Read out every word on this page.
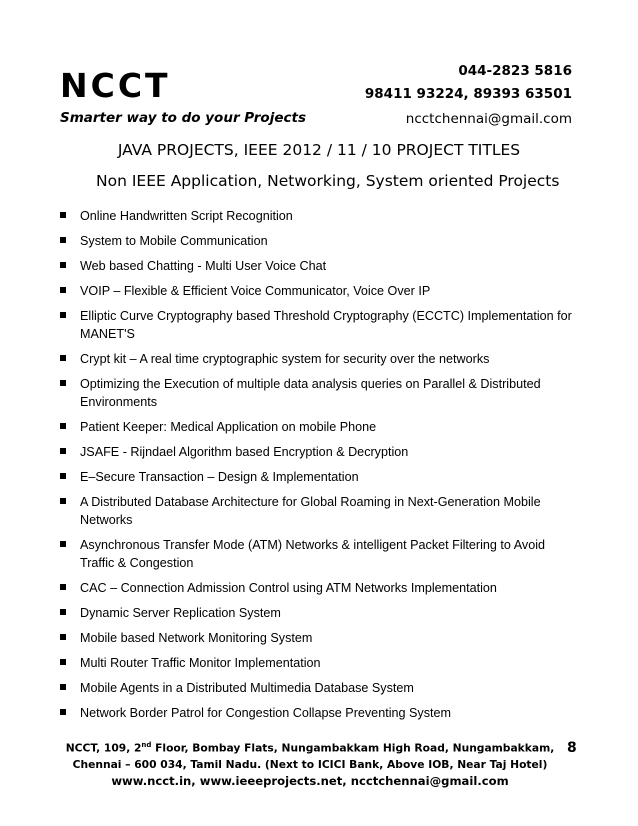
NCCT
Smarter way to do your Projects
044-2823 5816
98411 93224, 89393 63501
ncctchennai@gmail.com
JAVA PROJECTS, IEEE 2012 / 11 / 10 PROJECT TITLES
Non IEEE Application, Networking, System oriented Projects
Online Handwritten Script Recognition
System to Mobile Communication
Web based Chatting - Multi User Voice Chat
VOIP – Flexible & Efficient Voice Communicator, Voice Over IP
Elliptic Curve Cryptography based Threshold Cryptography (ECCTC) Implementation for MANET'S
Crypt kit – A real time cryptographic system for security over the networks
Optimizing the Execution of multiple data analysis queries on Parallel & Distributed Environments
Patient Keeper: Medical Application on mobile Phone
JSAFE - Rijndael Algorithm based Encryption & Decryption
E–Secure Transaction – Design & Implementation
A Distributed Database Architecture for Global Roaming in Next-Generation Mobile Networks
Asynchronous Transfer Mode (ATM) Networks & intelligent Packet Filtering to Avoid Traffic & Congestion
CAC – Connection Admission Control using ATM Networks Implementation
Dynamic Server Replication System
Mobile based Network Monitoring System
Multi Router Traffic Monitor Implementation
Mobile Agents in a Distributed Multimedia Database System
Network Border Patrol for Congestion Collapse Preventing System
NCCT, 109, 2nd Floor, Bombay Flats, Nungambakkam High Road, Nungambakkam,
Chennai – 600 034, Tamil Nadu. (Next to ICICI Bank, Above IOB, Near Taj Hotel)
www.ncct.in, www.ieeeprojects.net, ncctchennai@gmail.com
8
